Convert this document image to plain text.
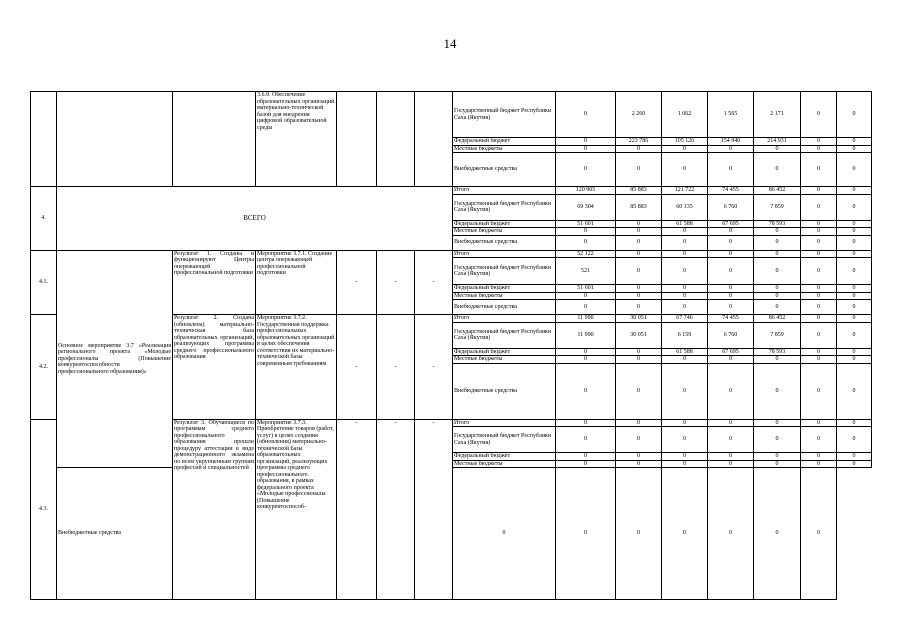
14
			3.6.9. Обеспечение образовательных организаций материально-технической базой для внедрения цифровой образовательной среды				Государственный бюджет Республики Саха (Якутия)	0	2 260	1 062	1 565	2 171	0	0
							Федеральный бюджет	0	223 786	105 126	154 940	214 931	0	0
							Местные бюджеты	0	0	0	0	0	0	0
							Внебюджетные средства	0	0	0	0	0	0	0
4.	ВСЕГО						Итого	120 905	85 883	121 722	74 455	86 452	0	0
							Государственный бюджет Республики Саха (Якутия)	69 304	85 883	60 135	6 760	7 859	0	0
							Федеральный бюджет	51 601	0	61 588	67 695	78 593	0	0
							Местные бюджеты	0	0	0	0	0	0	0
							Внебюджетные средства	0	0	0	0	0	0	0
4.1.	Основное мероприятие 3.7 «Реализация регионального проекта «Молодые профессионалы (Повышение конкурентоспособности профессионального образования)»	Результат 1. Созданы и функционируют Центры опережающей профессиональной подготовки	Мероприятие 3.7.1. Создание центра опережающей профессиональной подготовки	-	-	-	Итого	52 122	0	0	0	0	0	0
							Государственный бюджет Республики Саха (Якутия)	521	0	0	0	0	0	0
							Федеральный бюджет	51 601	0	0	0	0	0	0
							Местные бюджеты	0	0	0	0	0	0	0
							Внебюджетные средства	0	0	0	0	0	0	0
4.2.		Результат 2. Создана (обновлена) материально-техническая база образовательных организаций, реализующих программы среднего профессионального образования	Мероприятие 3.7.2. Государственная поддержка профессиональных образовательных организаций в целях обеспечения соответствия их материально-технической базы современным требованиям	-	-	-	Итого	11 990	30 051	67 746	74 455	86 452	0	0
							Государственный бюджет Республики Саха (Якутия)	11 990	30 051	6 159	6 760	7 859	0	0
							Федеральный бюджет	0	0	61 588	67 695	78 593	0	0
							Местные бюджеты	0	0	0	0	0	0	0
							Внебюджетные средства	0	0	0	0	0	0	0
4.3.		Результат 3. Обучающиеся по программам среднего профессионального образования прошли процедуру аттестации в виде демонстрационного экзамена по всем укрупненным группам профессий и специальностей	Мероприятие 3.7.3. Приобретение товаров (работ, услуг) в целях создания (обновления) материально-технической базы образовательных организаций, реализующих программы среднего профессионального образования, в рамках федерального проекта «Молодые профессионалы (Повышение конкурентоспособ-	-	-	-	Итого	0	0	0	0	0	0	0
							Государственный бюджет Республики Саха (Якутия)	0	0	0	0	0	0	0
							Федеральный бюджет	0	0	0	0	0	0	0
							Местные бюджеты	0	0	0	0	0	0	0
	Внебюджетные средства						0	0	0	0	0	0	0	
